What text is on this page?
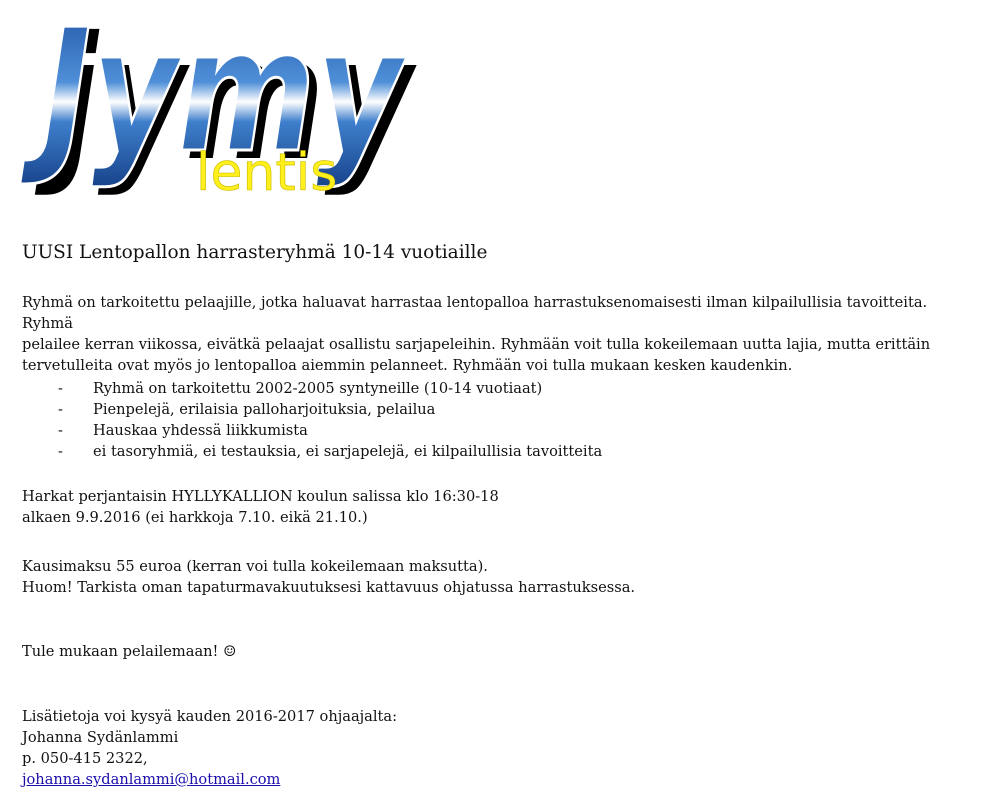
jymy
Jymy
lentis
UUSI Lentopallon harrasteryhmä 10-14 vuotiaille
Ryhmä on tarkoitettu pelaajille, jotka haluavat harrastaa lentopalloa harrastuksenomaisesti ilman kilpailullisia tavoitteita. Ryhmä
pelailee kerran viikossa, eivätkä pelaajat osallistu sarjapeleihin. Ryhmään voit tulla kokeilemaan uutta lajia, mutta erittäin
tervetulleita ovat myös jo lentopalloa aiemmin pelanneet. Ryhmään voi tulla mukaan kesken kaudenkin.
- Ryhmä on tarkoitettu 2002-2005 syntyneille (10-14 vuotiaat)
- Pienpelejä, erilaisia palloharjoituksia, pelailua
- Hauskaa yhdessä liikkumista
- ei tasoryhmiä, ei testauksia, ei sarjapelejä, ei kilpailullisia tavoitteita
Harkat perjantaisin HYLLYKALLION koulun salissa klo 16:30-18
alkaen 9.9.2016 (ei harkkoja 7.10. eikä 21.10.)
Kausimaksu 55 euroa (kerran voi tulla kokeilemaan maksutta).
Huom! Tarkista oman tapaturmavakuutuksesi kattavuus ohjatussa harrastuksessa.
Tule mukaan pelailemaan! ☺
Lisätietoja voi kysyä kauden 2016-2017 ohjaajalta:
Johanna Sydänlammi
p. 050-415 2322,
johanna.sydanlammi@hotmail.com
